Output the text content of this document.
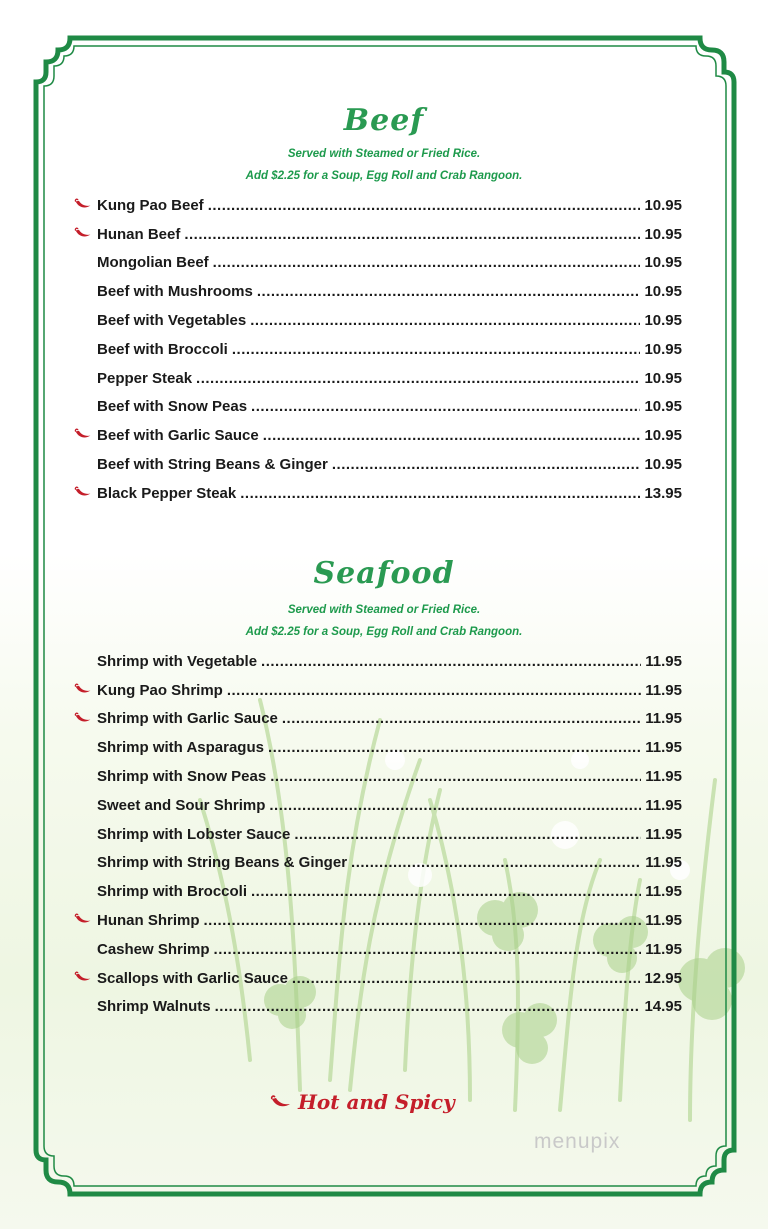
Beef
Served with Steamed or Fried Rice.
Add $2.25 for a Soup, Egg Roll and Crab Rangoon.
Kung Pao Beef .....	10.95
Hunan Beef .....	10.95
Mongolian Beef .....	10.95
Beef with Mushrooms .....	10.95
Beef with Vegetables .....	10.95
Beef with Broccoli .....	10.95
Pepper Steak .....	10.95
Beef with Snow Peas .....	10.95
Beef with Garlic Sauce .....	10.95
Beef with String Beans & Ginger .....	10.95
Black Pepper Steak .....	13.95
Seafood
Served with Steamed or Fried Rice.
Add $2.25 for a Soup, Egg Roll and Crab Rangoon.
Shrimp with Vegetable .....	11.95
Kung Pao Shrimp .....	11.95
Shrimp with Garlic Sauce .....	11.95
Shrimp with Asparagus .....	11.95
Shrimp with Snow Peas .....	11.95
Sweet and Sour Shrimp .....	11.95
Shrimp with Lobster Sauce .....	11.95
Shrimp with String Beans & Ginger .....	11.95
Shrimp with Broccoli .....	11.95
Hunan Shrimp .....	11.95
Cashew Shrimp .....	11.95
Scallops with Garlic Sauce .....	12.95
Shrimp Walnuts .....	14.95
Hot and Spicy
menupix
